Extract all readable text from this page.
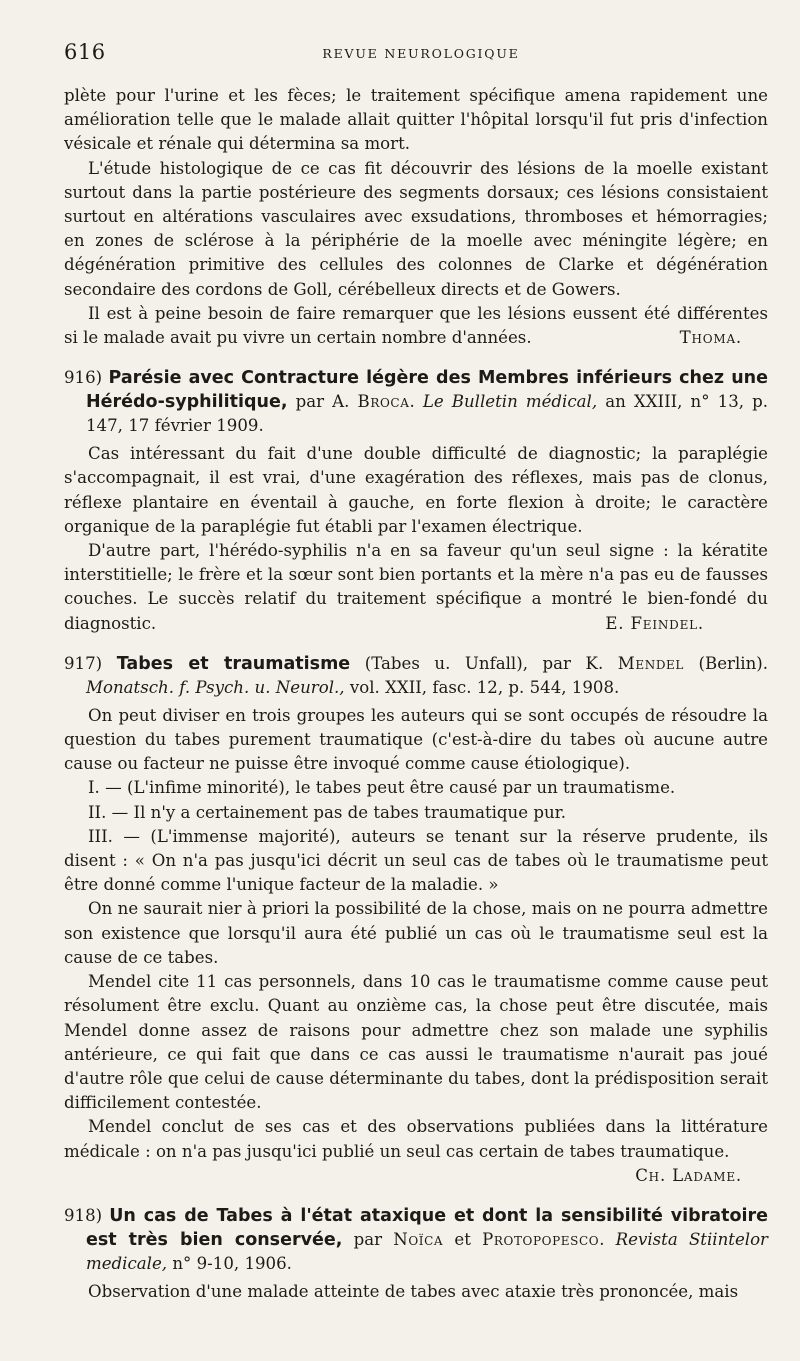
616	REVUE NEUROLOGIQUE

plète pour l'urine et les fèces; le traitement spécifique amena rapidement une amélioration telle que le malade allait quitter l'hôpital lorsqu'il fut pris d'infection vésicale et rénale qui détermina sa mort.

L'étude histologique de ce cas fit découvrir des lésions de la moelle existant surtout dans la partie postérieure des segments dorsaux; ces lésions consistaient surtout en altérations vasculaires avec exsudations, thromboses et hémorragies; en zones de sclérose à la périphérie de la moelle avec méningite légère; en dégénération primitive des cellules des colonnes de Clarke et dégénération secondaire des cordons de Goll, cérébelleux directs et de Gowers.

Il est à peine besoin de faire remarquer que les lésions eussent été différentes si le malade avait pu vivre un certain nombre d'années.	Thoma.

916) Parésie avec Contracture légère des Membres inférieurs chez une Hérédo-syphilitique, par A. Broca. Le Bulletin médical, an XXIII, n° 13, p. 147, 17 février 1909.

Cas intéressant du fait d'une double difficulté de diagnostic; la paraplégie s'accompagnait, il est vrai, d'une exagération des réflexes, mais pas de clonus, réflexe plantaire en éventail à gauche, en forte flexion à droite; le caractère organique de la paraplégie fut établi par l'examen électrique.

D'autre part, l'hérédo-syphilis n'a en sa faveur qu'un seul signe : la kératite interstitielle; le frère et la sœur sont bien portants et la mère n'a pas eu de fausses couches. Le succès relatif du traitement spécifique a montré le bien-fondé du diagnostic.	E. Feindel.

917) Tabes et traumatisme (Tabes u. Unfall), par K. Mendel (Berlin). Monatsch. f. Psych. u. Neurol., vol. XXII, fasc. 12, p. 544, 1908.

On peut diviser en trois groupes les auteurs qui se sont occupés de résoudre la question du tabes purement traumatique (c'est-à-dire du tabes où aucune autre cause ou facteur ne puisse être invoqué comme cause étiologique).

I. — (L'infime minorité), le tabes peut être causé par un traumatisme.

II. — Il n'y a certainement pas de tabes traumatique pur.

III. — (L'immense majorité), auteurs se tenant sur la réserve prudente, ils disent : « On n'a pas jusqu'ici décrit un seul cas de tabes où le traumatisme peut être donné comme l'unique facteur de la maladie. »

On ne saurait nier à priori la possibilité de la chose, mais on ne pourra admettre son existence que lorsqu'il aura été publié un cas où le traumatisme seul est la cause de ce tabes.

Mendel cite 11 cas personnels, dans 10 cas le traumatisme comme cause peut résolument être exclu. Quant au onzième cas, la chose peut être discutée, mais Mendel donne assez de raisons pour admettre chez son malade une syphilis antérieure, ce qui fait que dans ce cas aussi le traumatisme n'aurait pas joué d'autre rôle que celui de cause déterminante du tabes, dont la prédisposition serait difficilement contestée.

Mendel conclut de ses cas et des observations publiées dans la littérature médicale : on n'a pas jusqu'ici publié un seul cas certain de tabes traumatique.

Ch. Ladame.

918) Un cas de Tabes à l'état ataxique et dont la sensibilité vibratoire est très bien conservée, par Noïca et Protopopesco. Revista Stiintelor medicale, n° 9-10, 1906.

Observation d'une malade atteinte de tabes avec ataxie très prononcée, mais
